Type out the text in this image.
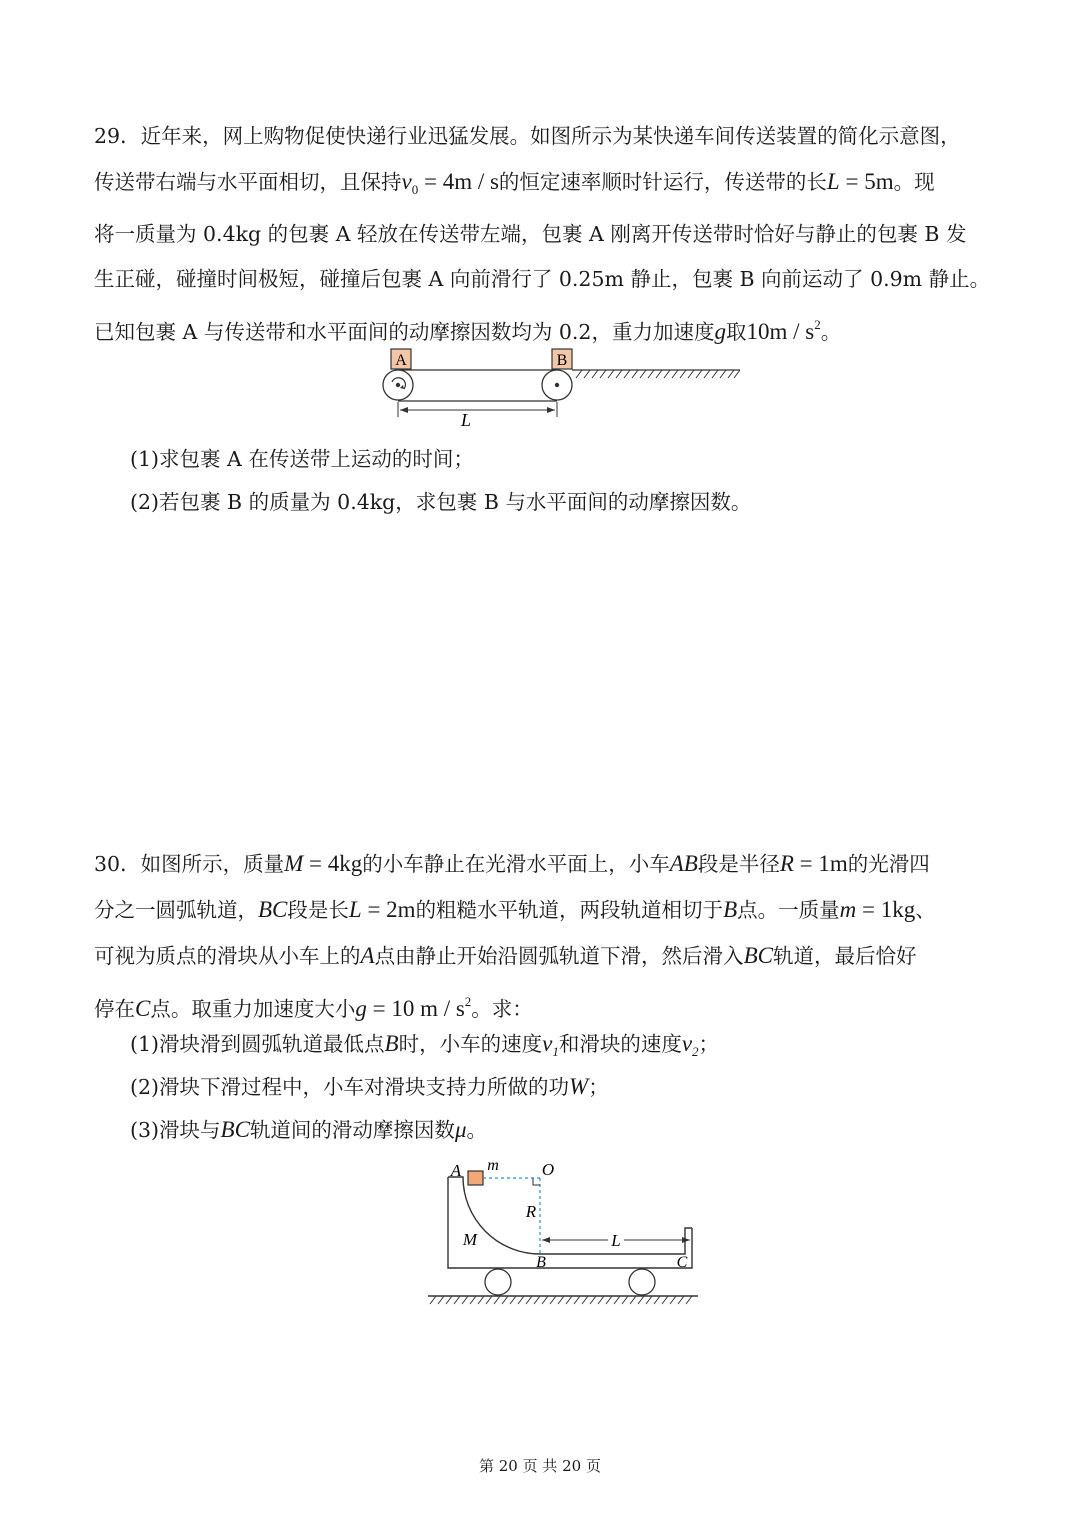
29．近年来，网上购物促使快递行业迅猛发展。如图所示为某快递车间传送装置的简化示意图，
传送带右端与水平面相切，且保持$v_0 = 4m / s$的恒定速率顺时针运行，传送带的长L = 5m。现
将一质量为 0.4kg 的包裹 A 轻放在传送带左端，包裹 A 刚离开传送带时恰好与静止的包裹 B 发
生正碰，碰撞时间极短，碰撞后包裹 A 向前滑行了 0.25m 静止，包裹 B 向前运动了 0.9m 静止。
已知包裹 A 与传送带和水平面间的动摩擦因数均为 0.2，重力加速度g取$10m / s^2$。
A	B
L
(1)求包裹 A 在传送带上运动的时间；
(2)若包裹 B 的质量为 0.4kg，求包裹 B 与水平面间的动摩擦因数。
30．如图所示，质量M = 4kg的小车静止在光滑水平面上，小车AB段是半径R = 1m的光滑四
分之一圆弧轨道，BC段是长L = 2m的粗糙水平轨道，两段轨道相切于B点。一质量m = 1kg、
可视为质点的滑块从小车上的A点由静止开始沿圆弧轨道下滑，然后滑入BC轨道，最后恰好
停在C点。取重力加速度大小g = 10 m / $s^2$。求：
(1)滑块滑到圆弧轨道最低点B时，小车的速度$v_1$和滑块的速度$v_2$；
(2)滑块下滑过程中，小车对滑块支持力所做的功W；
(3)滑块与BC轨道间的滑动摩擦因数μ。
A m	O
R
M
B	C
L
第 20 页 共 20 页
